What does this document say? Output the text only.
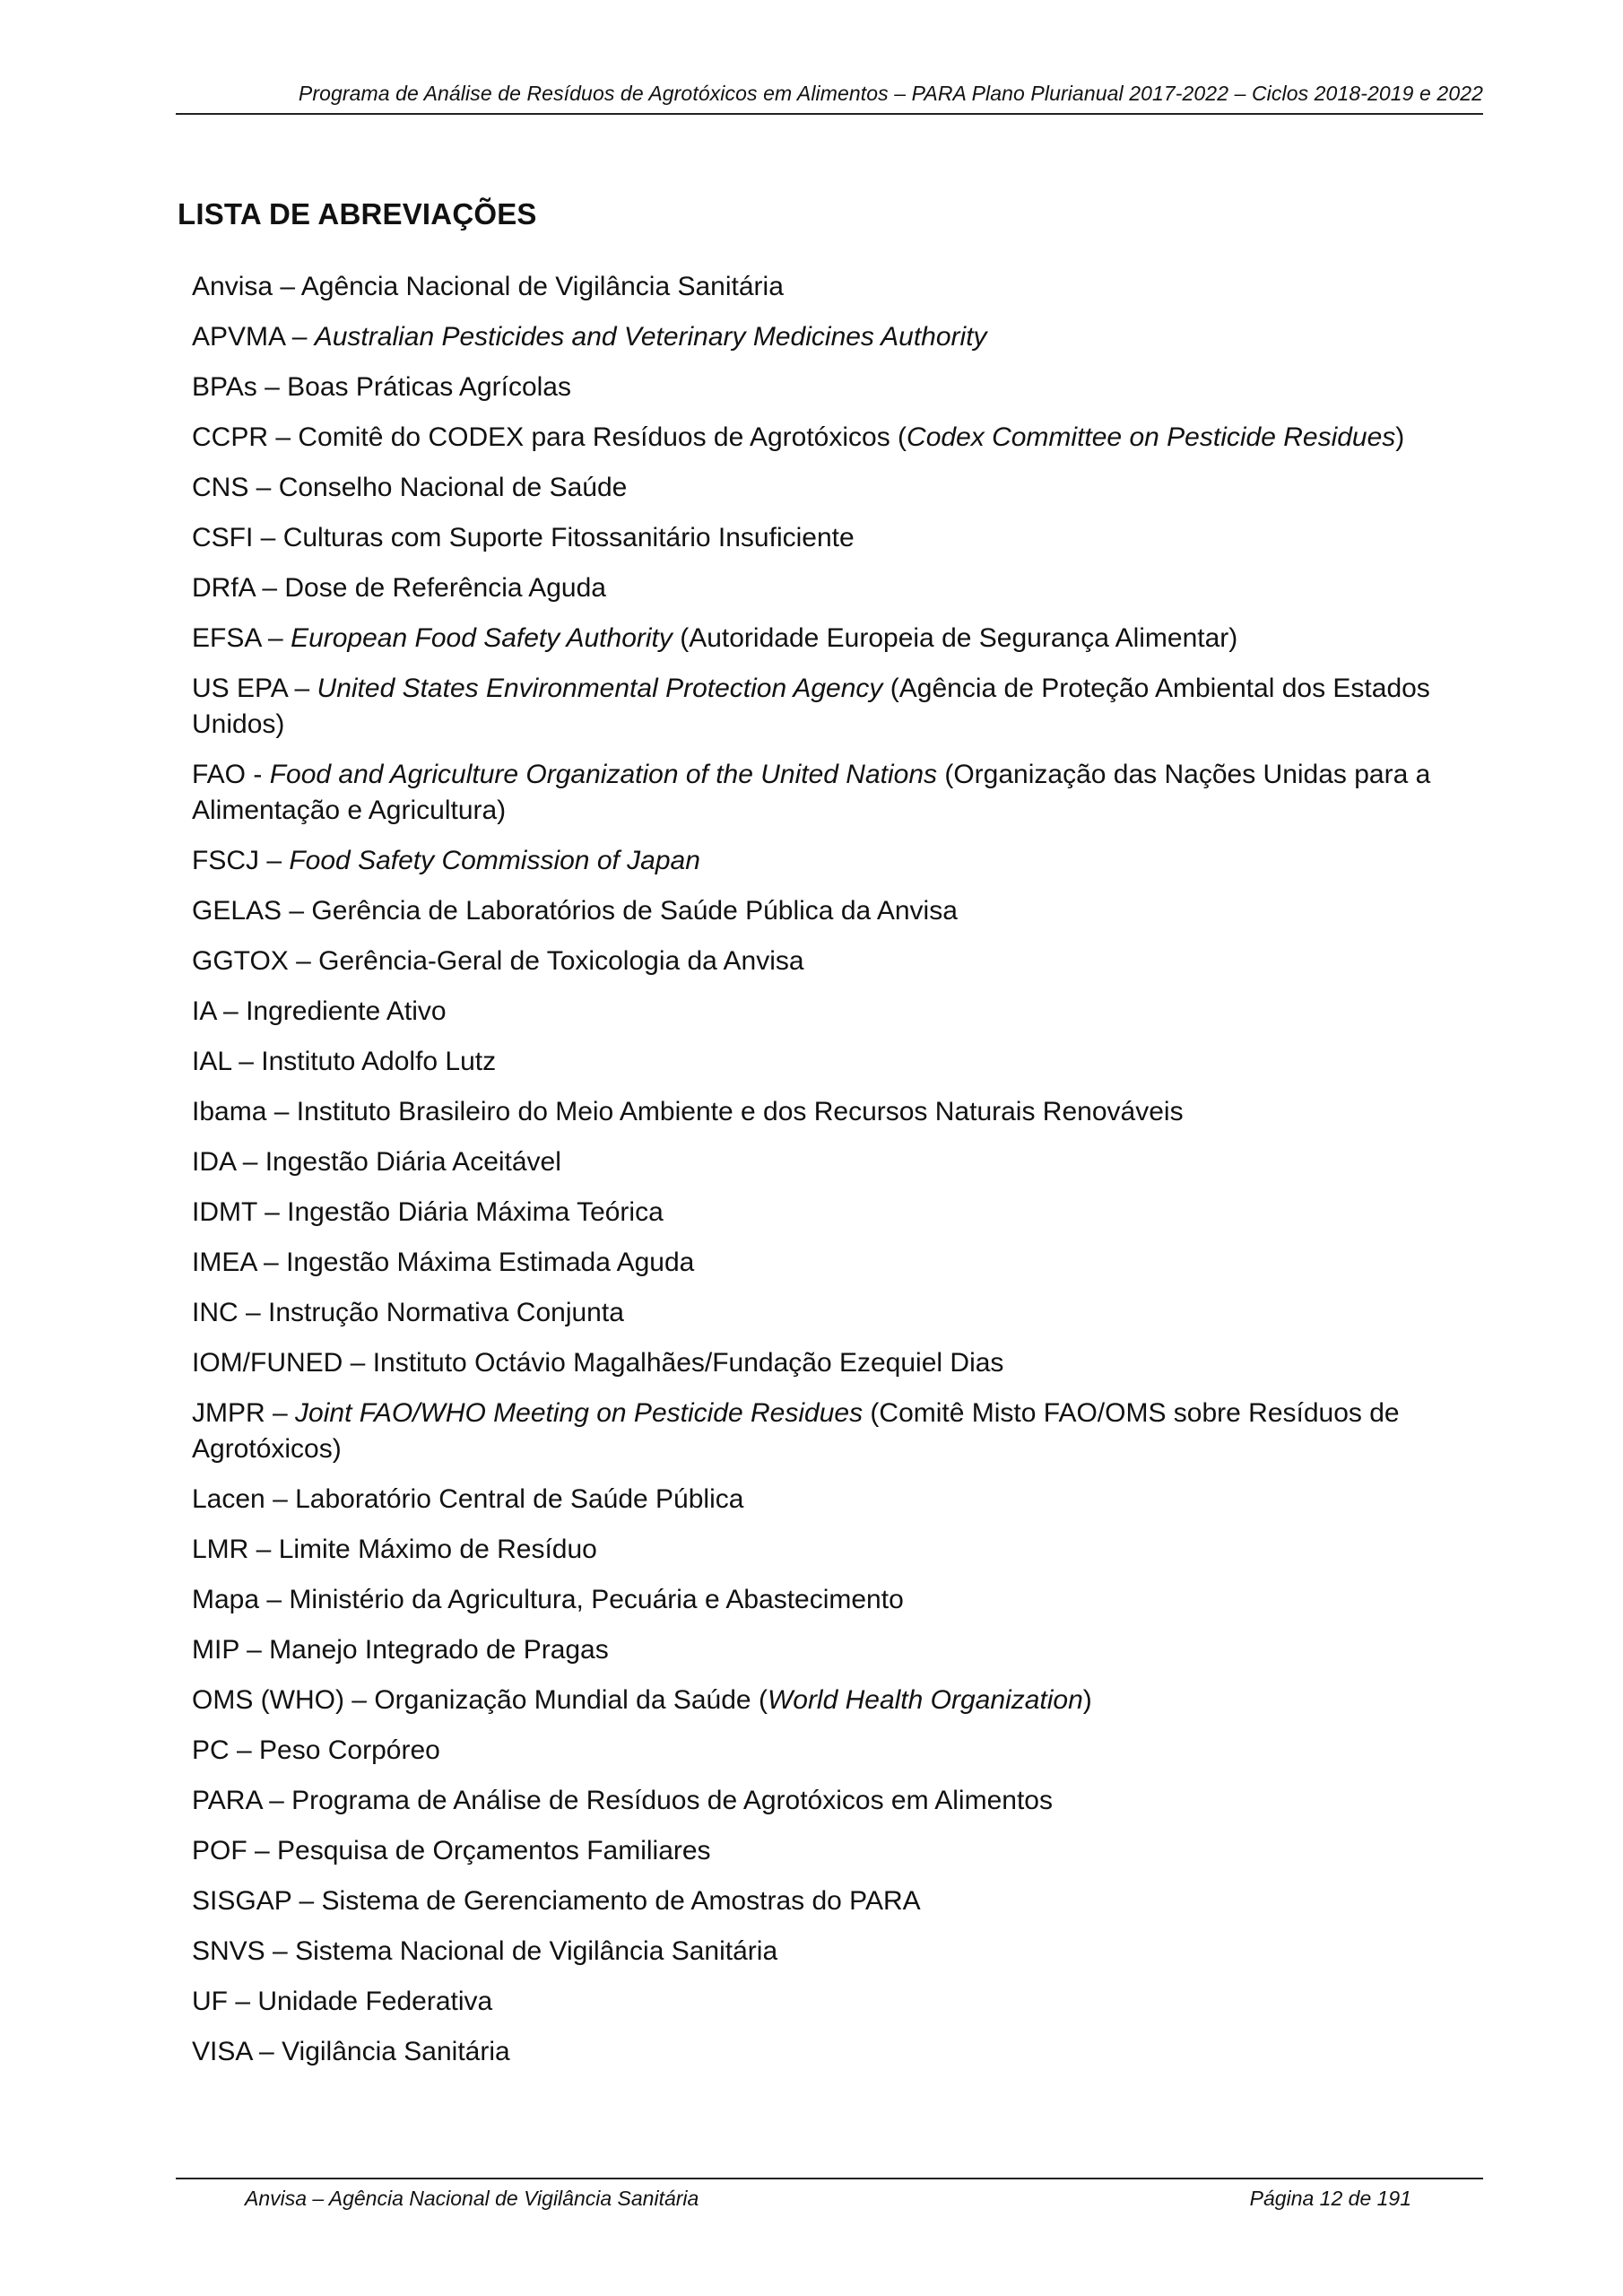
Programa de Análise de Resíduos de Agrotóxicos em Alimentos – PARA Plano Plurianual 2017-2022 – Ciclos 2018-2019 e 2022
LISTA DE ABREVIAÇÕES
Anvisa – Agência Nacional de Vigilância Sanitária
APVMA – Australian Pesticides and Veterinary Medicines Authority
BPAs – Boas Práticas Agrícolas
CCPR – Comitê do CODEX para Resíduos de Agrotóxicos (Codex Committee on Pesticide Residues)
CNS – Conselho Nacional de Saúde
CSFI – Culturas com Suporte Fitossanitário Insuficiente
DRfA – Dose de Referência Aguda
EFSA – European Food Safety Authority (Autoridade Europeia de Segurança Alimentar)
US EPA – United States Environmental Protection Agency (Agência de Proteção Ambiental dos Estados Unidos)
FAO - Food and Agriculture Organization of the United Nations (Organização das Nações Unidas para a Alimentação e Agricultura)
FSCJ – Food Safety Commission of Japan
GELAS – Gerência de Laboratórios de Saúde Pública da Anvisa
GGTOX – Gerência-Geral de Toxicologia da Anvisa
IA – Ingrediente Ativo
IAL – Instituto Adolfo Lutz
Ibama – Instituto Brasileiro do Meio Ambiente e dos Recursos Naturais Renováveis
IDA – Ingestão Diária Aceitável
IDMT – Ingestão Diária Máxima Teórica
IMEA – Ingestão Máxima Estimada Aguda
INC – Instrução Normativa Conjunta
IOM/FUNED – Instituto Octávio Magalhães/Fundação Ezequiel Dias
JMPR – Joint FAO/WHO Meeting on Pesticide Residues (Comitê Misto FAO/OMS sobre Resíduos de Agrotóxicos)
Lacen – Laboratório Central de Saúde Pública
LMR – Limite Máximo de Resíduo
Mapa – Ministério da Agricultura, Pecuária e Abastecimento
MIP – Manejo Integrado de Pragas
OMS (WHO) – Organização Mundial da Saúde (World Health Organization)
PC – Peso Corpóreo
PARA – Programa de Análise de Resíduos de Agrotóxicos em Alimentos
POF – Pesquisa de Orçamentos Familiares
SISGAP – Sistema de Gerenciamento de Amostras do PARA
SNVS – Sistema Nacional de Vigilância Sanitária
UF – Unidade Federativa
VISA – Vigilância Sanitária
Anvisa – Agência Nacional de Vigilância Sanitária	Página 12 de 191
